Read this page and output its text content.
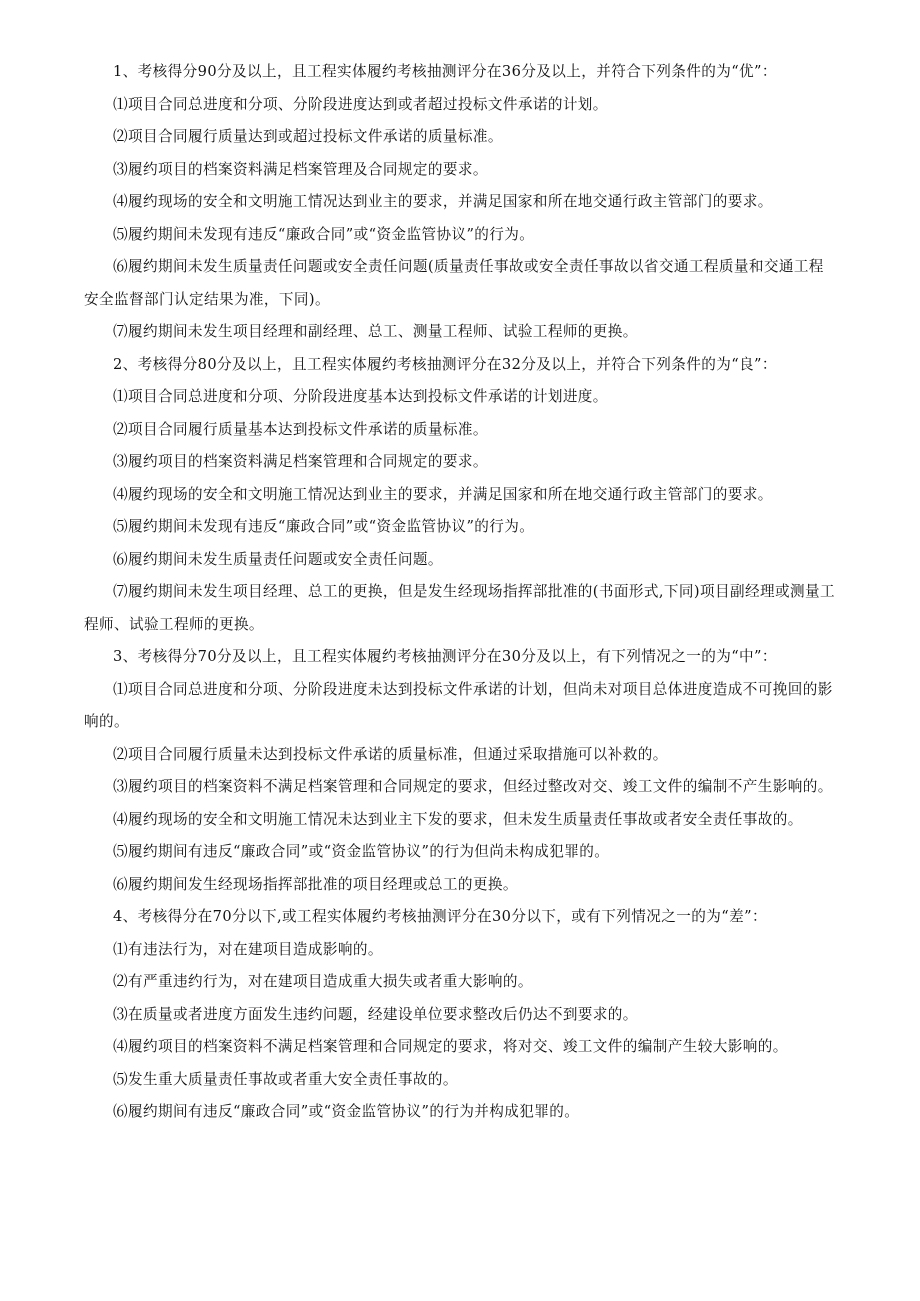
1、考核得分90分及以上，且工程实体履约考核抽测评分在36分及以上，并符合下列条件的为“优”：

⑴项目合同总进度和分项、分阶段进度达到或者超过投标文件承诺的计划。

⑵项目合同履行质量达到或超过投标文件承诺的质量标准。

⑶履约项目的档案资料满足档案管理及合同规定的要求。

⑷履约现场的安全和文明施工情况达到业主的要求，并满足国家和所在地交通行政主管部门的要求。

⑸履约期间未发现有违反“廉政合同”或“资金监管协议”的行为。

⑹履约期间未发生质量责任问题或安全责任问题(质量责任事故或安全责任事故以省交通工程质量和交通工程安全监督部门认定结果为准，下同)。

⑺履约期间未发生项目经理和副经理、总工、测量工程师、试验工程师的更换。

2、考核得分80分及以上，且工程实体履约考核抽测评分在32分及以上，并符合下列条件的为“良”：

⑴项目合同总进度和分项、分阶段进度基本达到投标文件承诺的计划进度。

⑵项目合同履行质量基本达到投标文件承诺的质量标准。

⑶履约项目的档案资料满足档案管理和合同规定的要求。

⑷履约现场的安全和文明施工情况达到业主的要求，并满足国家和所在地交通行政主管部门的要求。

⑸履约期间未发现有违反“廉政合同”或“资金监管协议”的行为。

⑹履约期间未发生质量责任问题或安全责任问题。

⑺履约期间未发生项目经理、总工的更换，但是发生经现场指挥部批准的(书面形式,下同)项目副经理或测量工程师、试验工程师的更换。

3、考核得分70分及以上，且工程实体履约考核抽测评分在30分及以上，有下列情况之一的为“中”：

⑴项目合同总进度和分项、分阶段进度未达到投标文件承诺的计划，但尚未对项目总体进度造成不可挽回的影响的。

⑵项目合同履行质量未达到投标文件承诺的质量标准，但通过采取措施可以补救的。

⑶履约项目的档案资料不满足档案管理和合同规定的要求，但经过整改对交、竣工文件的编制不产生影响的。

⑷履约现场的安全和文明施工情况未达到业主下发的要求，但未发生质量责任事故或者安全责任事故的。

⑸履约期间有违反“廉政合同”或“资金监管协议”的行为但尚未构成犯罪的。

⑹履约期间发生经现场指挥部批准的项目经理或总工的更换。

4、考核得分在70分以下,或工程实体履约考核抽测评分在30分以下，或有下列情况之一的为“差”：

⑴有违法行为，对在建项目造成影响的。

⑵有严重违约行为，对在建项目造成重大损失或者重大影响的。

⑶在质量或者进度方面发生违约问题，经建设单位要求整改后仍达不到要求的。

⑷履约项目的档案资料不满足档案管理和合同规定的要求，将对交、竣工文件的编制产生较大影响的。

⑸发生重大质量责任事故或者重大安全责任事故的。

⑹履约期间有违反“廉政合同”或“资金监管协议”的行为并构成犯罪的。
